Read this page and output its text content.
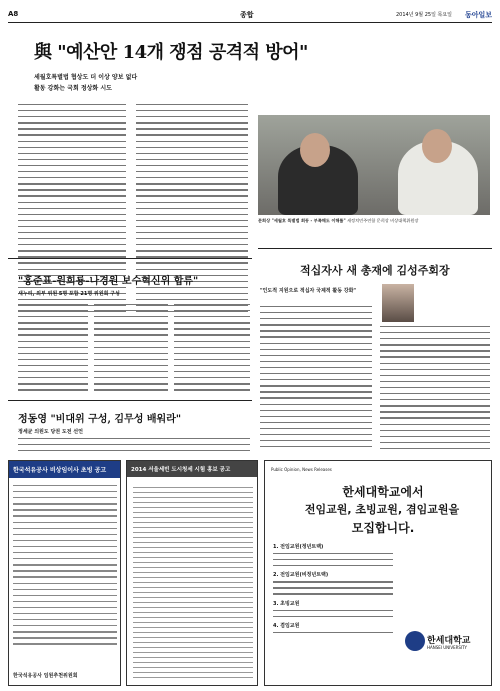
A8	종합	2014년 9월 25일 목요일 동아일보
與 "예산안 14개 쟁점 공격적 방어"
세월호특별법 협상도 더 이상 양보 없다
활동 강화는 국회 정상화 시도
문희상 "세월호 특별법 회동 - 부족해도 이해를" 새정치민주연합 문희상 비상대책위원장
적십자사 새 총재에 김성주회장
"인도적 지원으로 적십자 국제적 활동 강화"
"홍준표-원희룡-나경원 보수혁신위 합류"
새누리, 외부 위원 5명 포함 21명 위원회 구성
정동영 "비대위 구성, 김무성 배워라"
정세균 의원도 당권 도전 선언
한국석유공사 비상임이사 초빙 공고
한국석유공사 임원추천위원회
2014 서울세빈 도시청세 시험 홍보 공고	Public Opinion, News Releases
한세대학교에서
전임교원, 초빙교원, 겸임교원을
모집합니다.
1. 전임교원(정년트랙)
2. 전임교원(비정년트랙)
3. 초빙교원
4. 겸임교원
한세대학교
HANSEI UNIVERSITY
